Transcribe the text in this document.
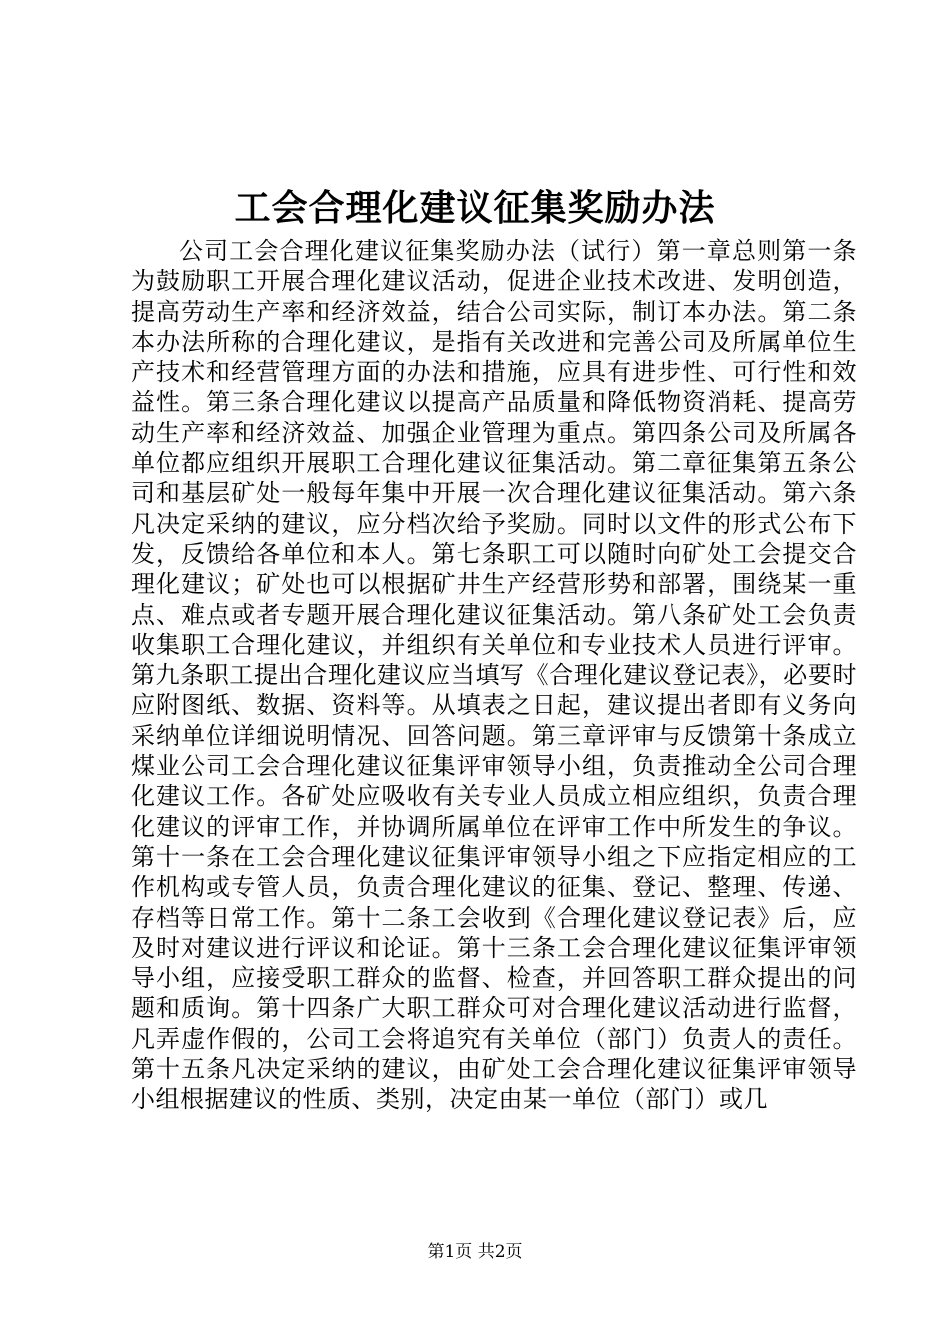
工会合理化建议征集奖励办法

公司工会合理化建议征集奖励办法（试行）第一章总则第一条为鼓励职工开展合理化建议活动，促进企业技术改进、发明创造，提高劳动生产率和经济效益，结合公司实际，制订本办法。第二条本办法所称的合理化建议，是指有关改进和完善公司及所属单位生产技术和经营管理方面的办法和措施，应具有进步性、可行性和效益性。第三条合理化建议以提高产品质量和降低物资消耗、提高劳动生产率和经济效益、加强企业管理为重点。第四条公司及所属各单位都应组织开展职工合理化建议征集活动。第二章征集第五条公司和基层矿处一般每年集中开展一次合理化建议征集活动。第六条凡决定采纳的建议，应分档次给予奖励。同时以文件的形式公布下发，反馈给各单位和本人。第七条职工可以随时向矿处工会提交合理化建议；矿处也可以根据矿井生产经营形势和部署，围绕某一重点、难点或者专题开展合理化建议征集活动。第八条矿处工会负责收集职工合理化建议，并组织有关单位和专业技术人员进行评审。第九条职工提出合理化建议应当填写《合理化建议登记表》，必要时应附图纸、数据、资料等。从填表之日起，建议提出者即有义务向采纳单位详细说明情况、回答问题。第三章评审与反馈第十条成立煤业公司工会合理化建议征集评审领导小组，负责推动全公司合理化建议工作。各矿处应吸收有关专业人员成立相应组织，负责合理化建议的评审工作，并协调所属单位在评审工作中所发生的争议。第十一条在工会合理化建议征集评审领导小组之下应指定相应的工作机构或专管人员，负责合理化建议的征集、登记、整理、传递、存档等日常工作。第十二条工会收到《合理化建议登记表》后，应及时对建议进行评议和论证。第十三条工会合理化建议征集评审领导小组，应接受职工群众的监督、检查，并回答职工群众提出的问题和质询。第十四条广大职工群众可对合理化建议活动进行监督，凡弄虚作假的，公司工会将追究有关单位（部门）负责人的责任。第十五条凡决定采纳的建议，由矿处工会合理化建议征集评审领导小组根据建议的性质、类别，决定由某一单位（部门）或几

第1页 共2页
